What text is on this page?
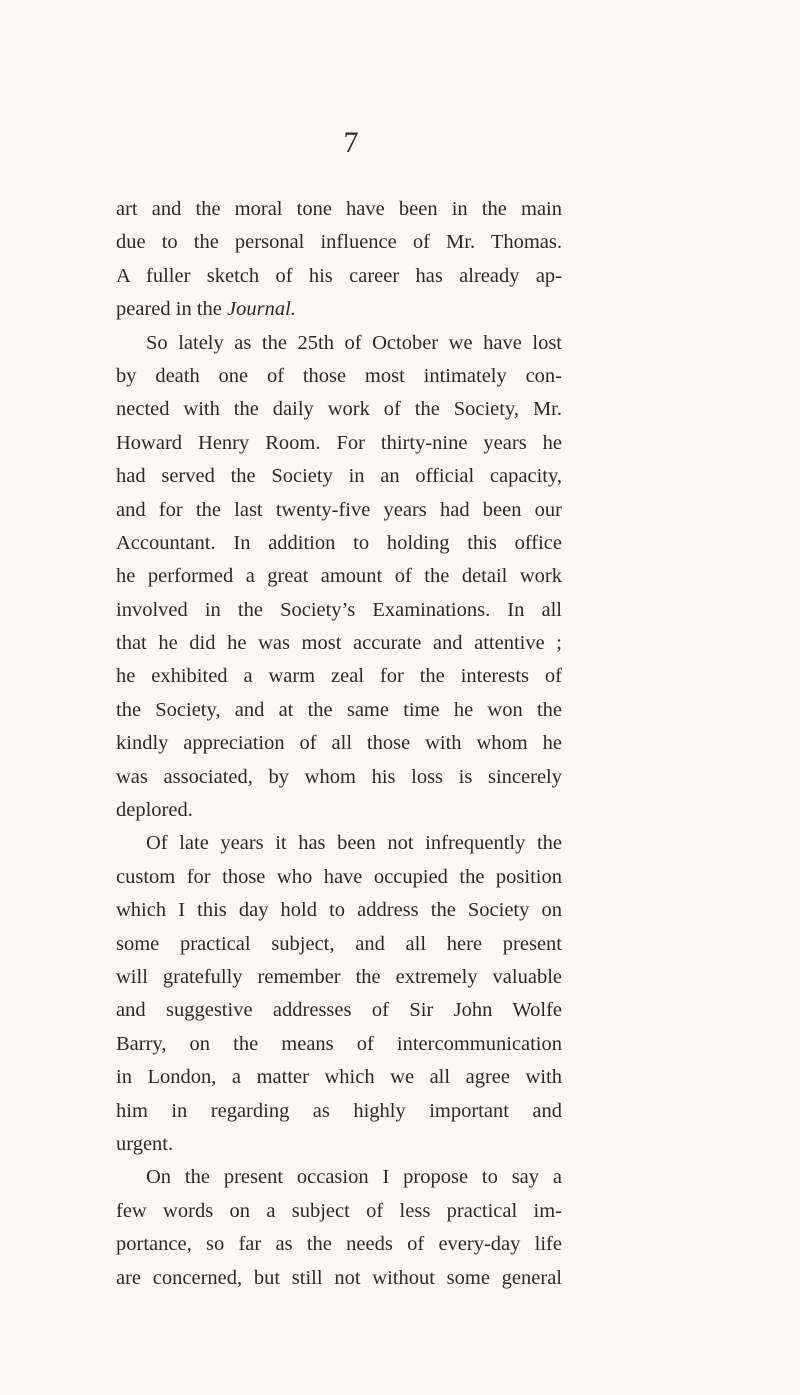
7
art and the moral tone have been in the main
due to the personal influence of Mr. Thomas.
A fuller sketch of his career has already ap-
peared in the Journal.
So lately as the 25th of October we have lost
by death one of those most intimately con-
nected with the daily work of the Society, Mr.
Howard Henry Room. For thirty-nine years he
had served the Society in an official capacity,
and for the last twenty-five years had been our
Accountant. In addition to holding this office
he performed a great amount of the detail work
involved in the Society’s Examinations. In all
that he did he was most accurate and attentive ;
he exhibited a warm zeal for the interests of
the Society, and at the same time he won the
kindly appreciation of all those with whom he
was associated, by whom his loss is sincerely
deplored.
Of late years it has been not infrequently the
custom for those who have occupied the position
which I this day hold to address the Society on
some practical subject, and all here present
will gratefully remember the extremely valuable
and suggestive addresses of Sir John Wolfe
Barry, on the means of intercommunication
in London, a matter which we all agree with
him in regarding as highly important and
urgent.
On the present occasion I propose to say a
few words on a subject of less practical im-
portance, so far as the needs of every-day life
are concerned, but still not without some general
